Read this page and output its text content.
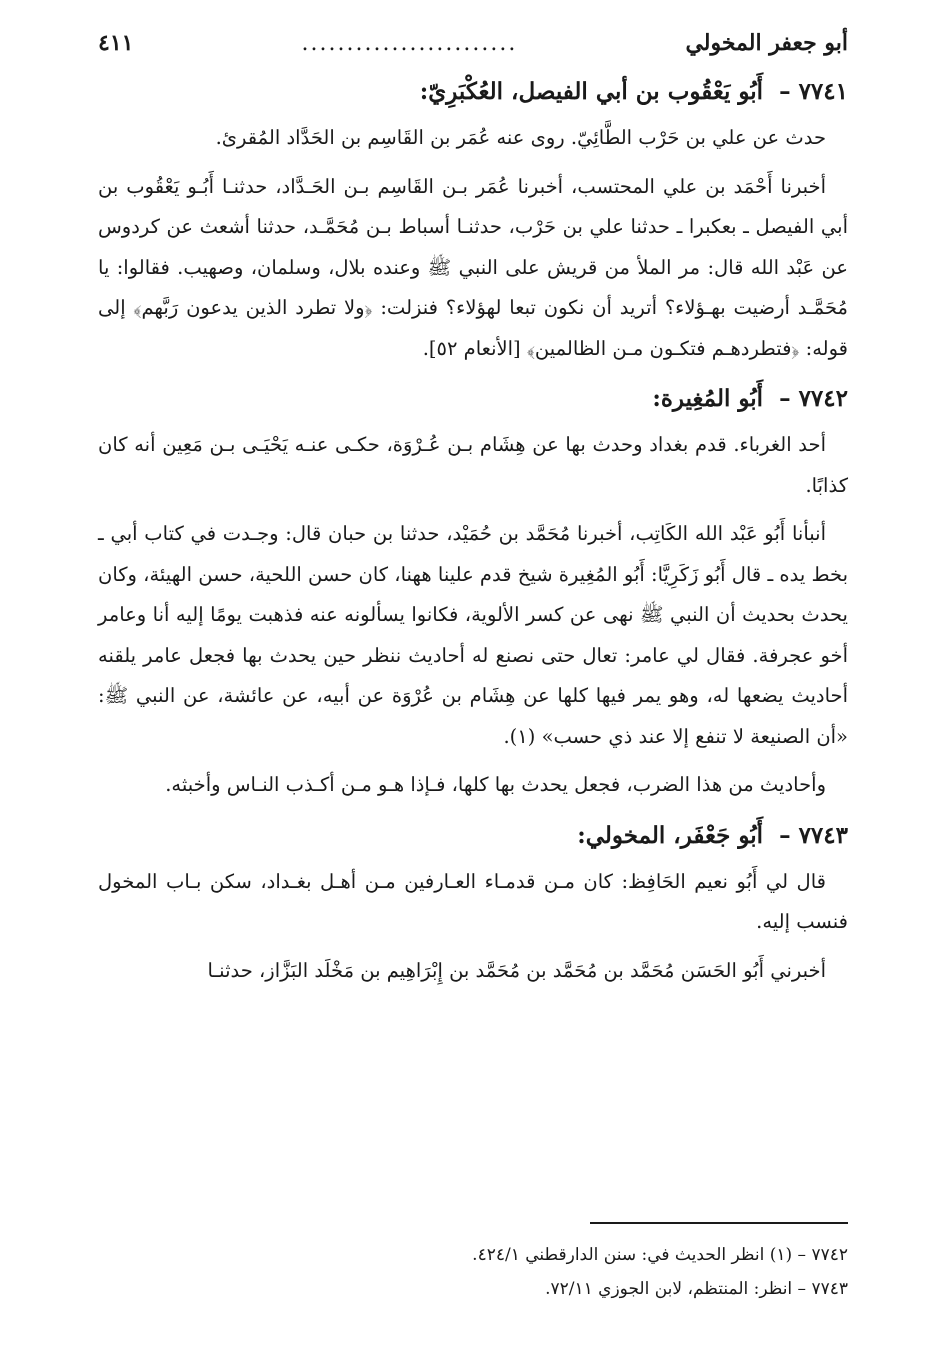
أبو جعفر المخولي
........................
٤١١
٧٧٤١ – أَبُو يَعْقُوب بن أبي الفيصل، العُكْبَرِيّ:

حدث عن علي بن حَرْب الطَّائِيّ. روى عنه عُمَر بن القَاسِم بن الحَدَّاد المُقرئ.

أخبرنا أَحْمَد بن علي المحتسب، أخبرنا عُمَر بـن القَاسِم بـن الحَـدَّاد، حدثنـا أَبُـو يَعْقُوب بن أبي الفيصل ـ بعكبرا ـ حدثنا علي بن حَرْب، حدثنـا أسباط بـن مُحَمَّـد، حدثنا أشعث عن كردوس عن عَبْد الله قال: مر الملأ من قريش على النبي ﷺ وعنده بلال، وسلمان، وصهيب. فقالوا: يا مُحَمَّـد أرضيت بهـؤلاء؟ أتريد أن نكون تبعا لهؤلاء؟ فنزلت: ﴿ولا تطرد الذين يدعون رَبَّهم﴾ إلى قوله: ﴿فتطردهـم فتكـون مـن الظالمين﴾ [الأنعام ٥٢].

٧٧٤٢ – أَبُو المُغِيرة:

أحد الغرباء. قدم بغداد وحدث بها عن هِشَام بـن عُـرْوَة، حكـى عنـه يَحْيَـى بـن مَعِين أنه كان كذابًا.

أنبأنا أَبُو عَبْد الله الكَاتِب، أخبرنا مُحَمَّد بن حُمَيْد، حدثنا بن حبان قال: وجـدت في كتاب أبي ـ بخط يده ـ قال أَبُو زَكَرِيَّا: أَبُو المُغِيرة شيخ قدم علينا ههنا، كان حسن اللحية، حسن الهيئة، وكان يحدث بحديث أن النبي ﷺ نهى عن كسر الألوية، فكانوا يسألونه عنه فذهبت يومًا إليه أنا وعامر أخو عجرفة. فقال لي عامر: تعال حتى نصنع له أحاديث ننظر حين يحدث بها فجعل عامر يلقنه أحاديث يضعها له، وهو يمر فيها كلها عن هِشَام بن عُرْوَة عن أبيه، عن عائشة، عن النبي ﷺ: «أن الصنيعة لا تنفع إلا عند ذي حسب» (١).

وأحاديث من هذا الضرب، فجعل يحدث بها كلها، فـإذا هـو مـن أكـذب النـاس وأخبثه.

٧٧٤٣ – أَبُو جَعْفَر، المخولي:

قال لي أَبُو نعيم الحَافِظ: كان مـن قدمـاء العـارفين مـن أهـل بغـداد، سكن بـاب المخول فنسب إليه.

أخبرني أَبُو الحَسَن مُحَمَّد بن مُحَمَّد بن مُحَمَّد بن إِبْرَاهِيم بن مَخْلَد البَزَّاز، حدثنـا

٧٧٤٢ – (١) انظر الحديث في: سنن الدارقطني ٤٢٤/١.

٧٧٤٣ – انظر: المنتظم، لابن الجوزي ٧٢/١١.
